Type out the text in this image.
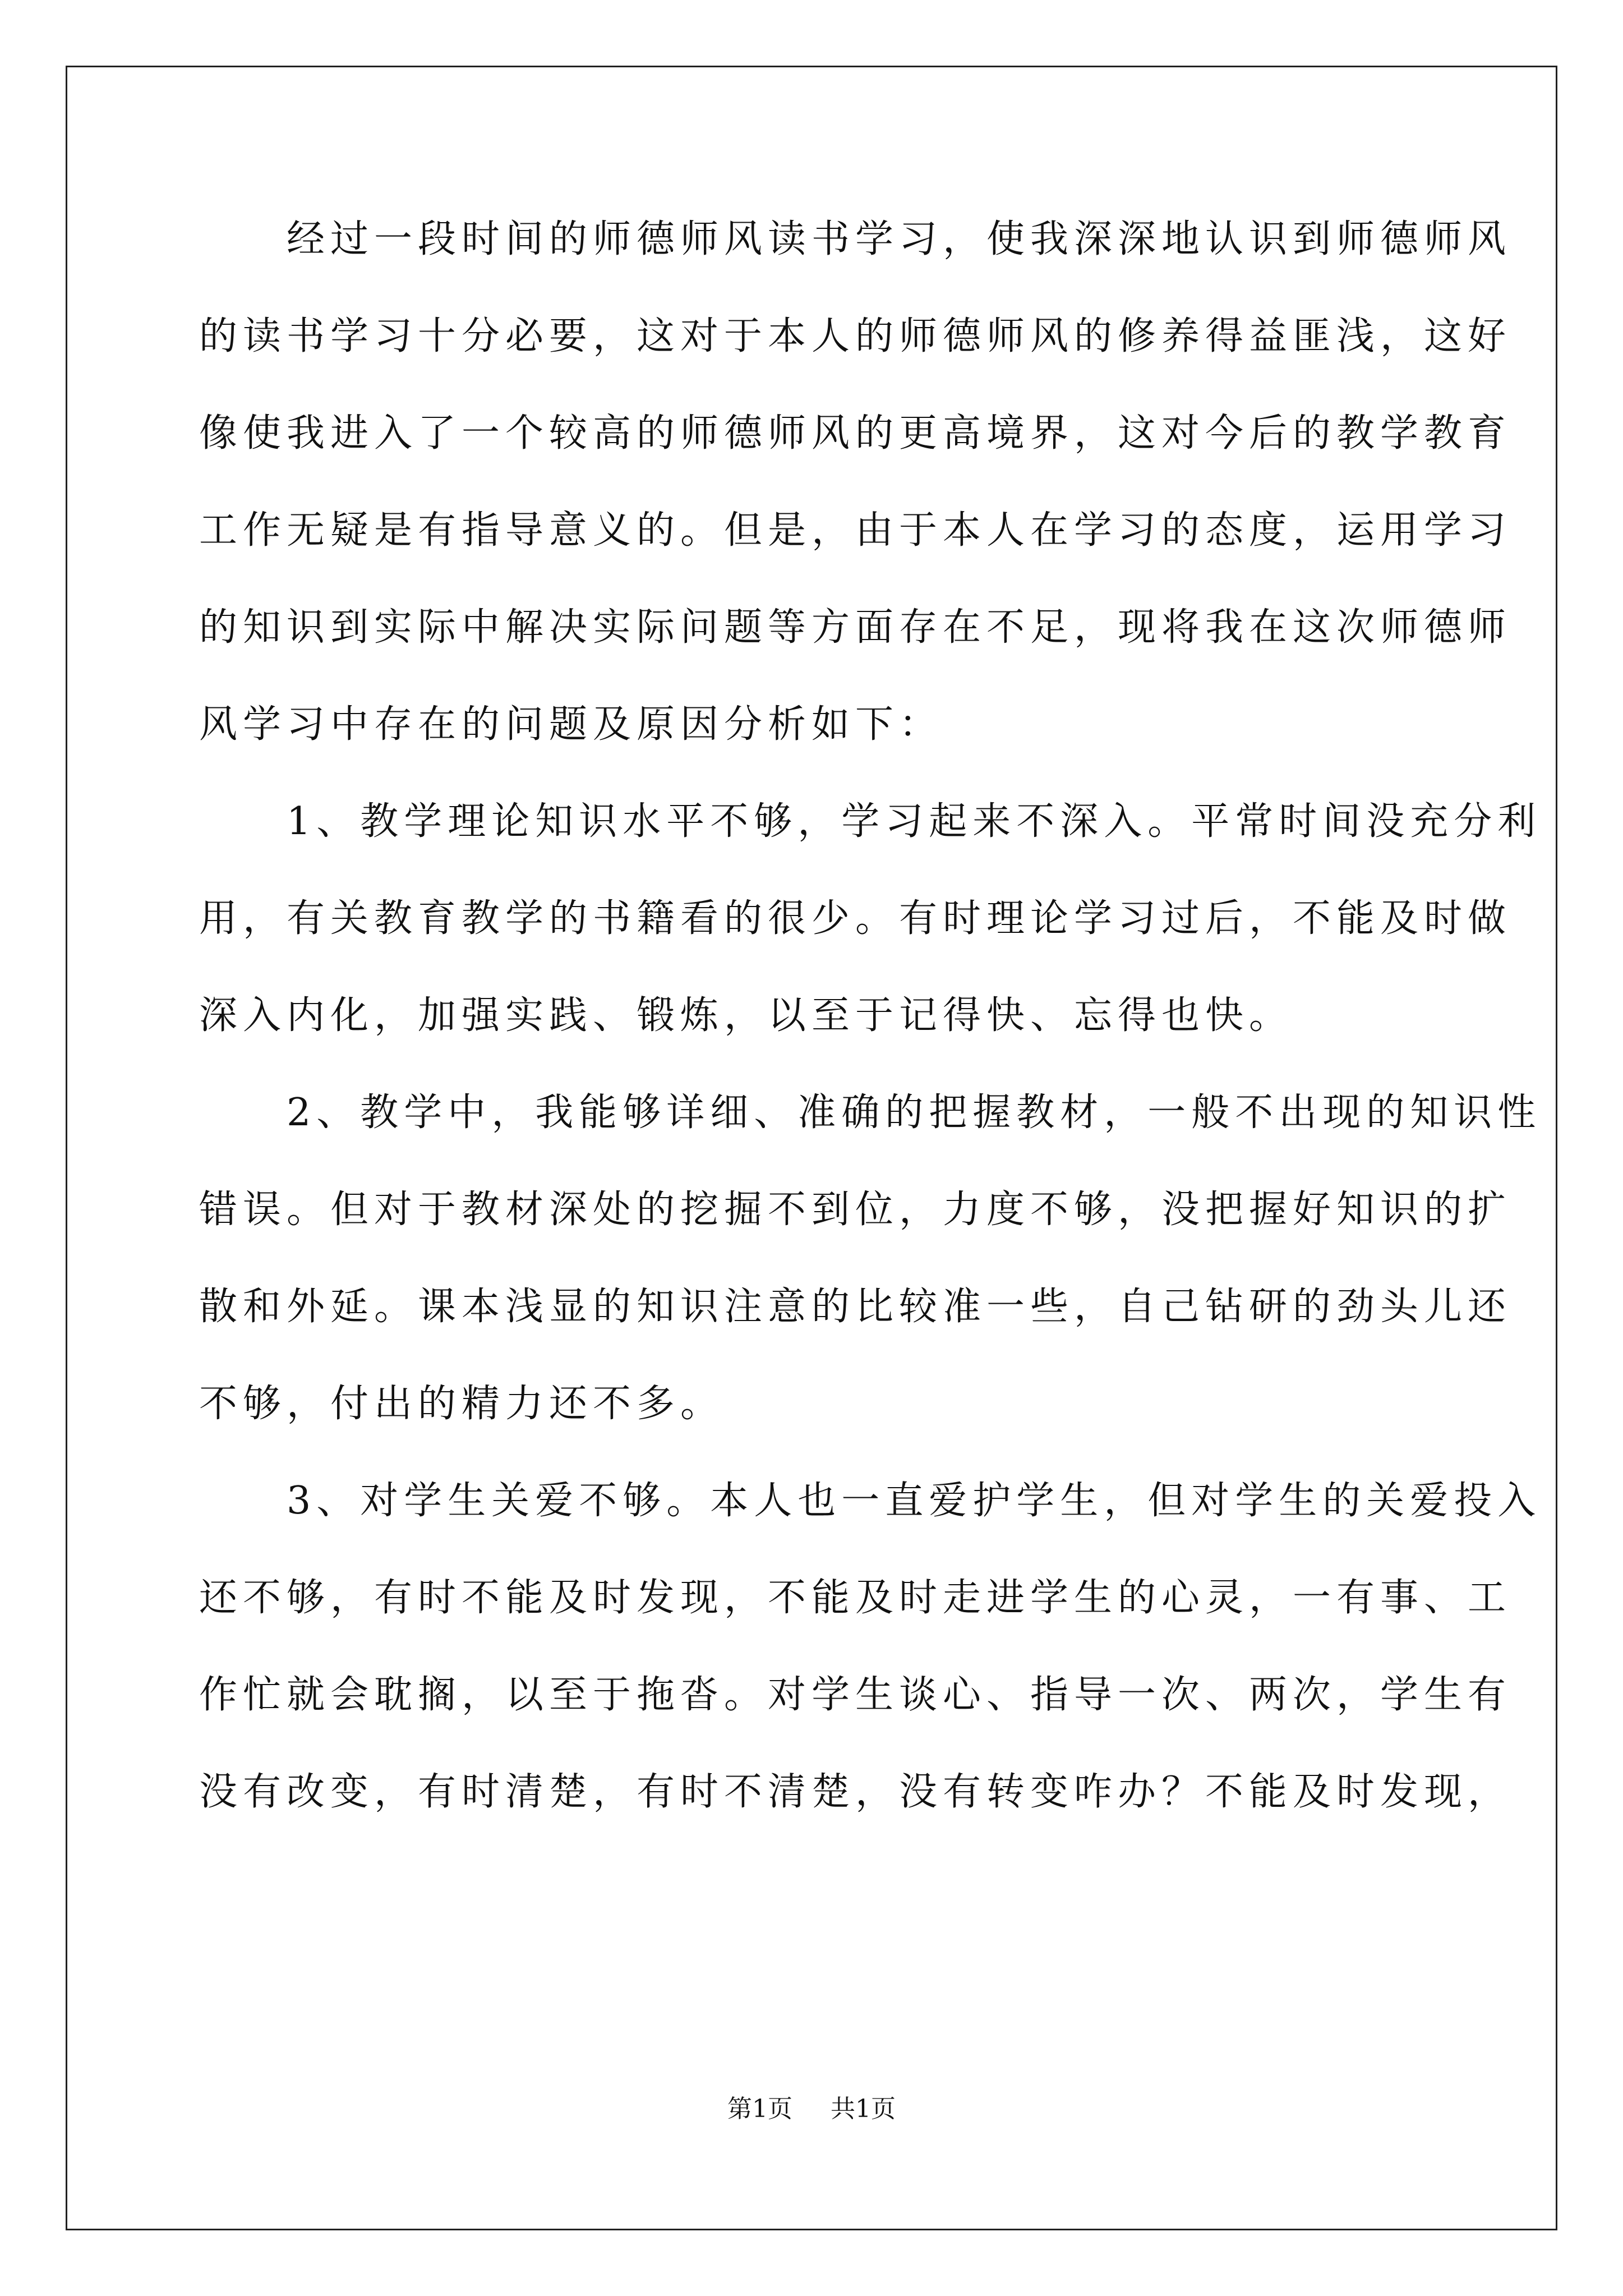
　　经过一段时间的师德师风读书学习，使我深深地认识到师德师风
的读书学习十分必要，这对于本人的师德师风的修养得益匪浅，这好
像使我进入了一个较高的师德师风的更高境界，这对今后的教学教育
工作无疑是有指导意义的。但是，由于本人在学习的态度，运用学习
的知识到实际中解决实际问题等方面存在不足，现将我在这次师德师
风学习中存在的问题及原因分析如下：
　　1、教学理论知识水平不够，学习起来不深入。平常时间没充分利
用，有关教育教学的书籍看的很少。有时理论学习过后，不能及时做
深入内化，加强实践、锻炼，以至于记得快、忘得也快。
　　2、教学中，我能够详细、准确的把握教材，一般不出现的知识性
错误。但对于教材深处的挖掘不到位，力度不够，没把握好知识的扩
散和外延。课本浅显的知识注意的比较准一些，自己钻研的劲头儿还
不够，付出的精力还不多。
　　3、对学生关爱不够。本人也一直爱护学生，但对学生的关爱投入
还不够，有时不能及时发现，不能及时走进学生的心灵，一有事、工
作忙就会耽搁，以至于拖沓。对学生谈心、指导一次、两次，学生有
没有改变，有时清楚，有时不清楚，没有转变咋办？不能及时发现，
第1页 共1页
